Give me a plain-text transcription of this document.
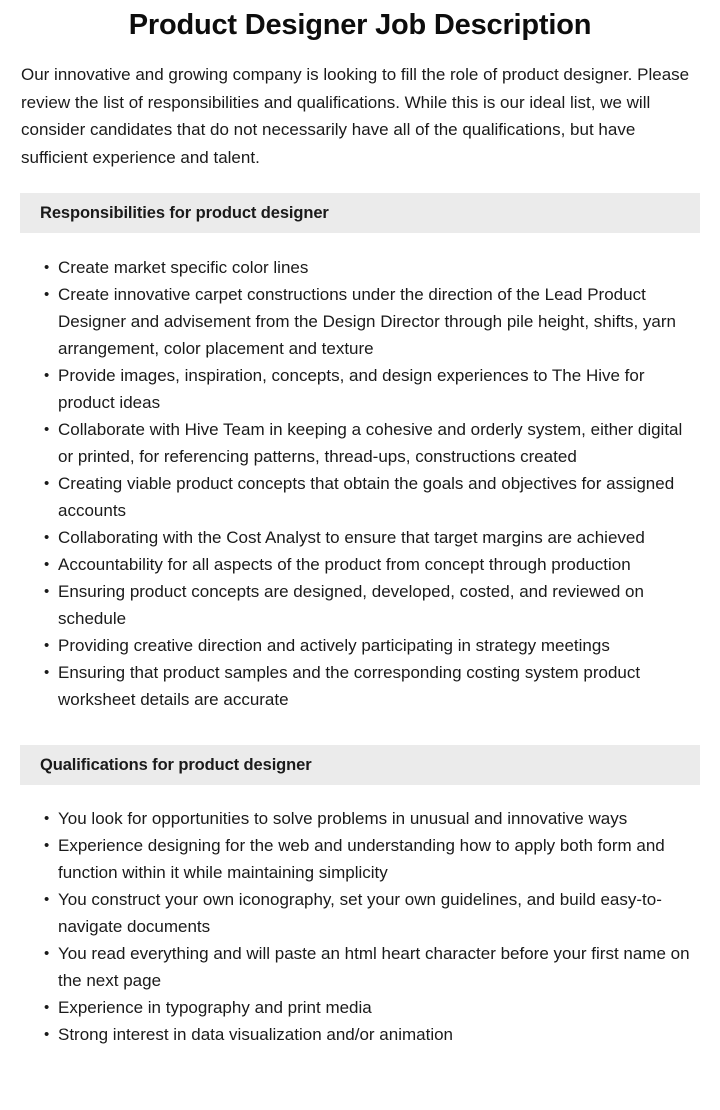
Product Designer Job Description

Our innovative and growing company is looking to fill the role of product designer. Please review the list of responsibilities and qualifications. While this is our ideal list, we will consider candidates that do not necessarily have all of the qualifications, but have sufficient experience and talent.

Responsibilities for product designer
• Create market specific color lines
• Create innovative carpet constructions under the direction of the Lead Product Designer and advisement from the Design Director through pile height, shifts, yarn arrangement, color placement and texture
• Provide images, inspiration, concepts, and design experiences to The Hive for product ideas
• Collaborate with Hive Team in keeping a cohesive and orderly system, either digital or printed, for referencing patterns, thread-ups, constructions created
• Creating viable product concepts that obtain the goals and objectives for assigned accounts
• Collaborating with the Cost Analyst to ensure that target margins are achieved
• Accountability for all aspects of the product from concept through production
• Ensuring product concepts are designed, developed, costed, and reviewed on schedule
• Providing creative direction and actively participating in strategy meetings
• Ensuring that product samples and the corresponding costing system product worksheet details are accurate
Qualifications for product designer
• You look for opportunities to solve problems in unusual and innovative ways
• Experience designing for the web and understanding how to apply both form and function within it while maintaining simplicity
• You construct your own iconography, set your own guidelines, and build easy-to-navigate documents
• You read everything and will paste an html heart character before your first name on the next page
• Experience in typography and print media
• Strong interest in data visualization and/or animation
